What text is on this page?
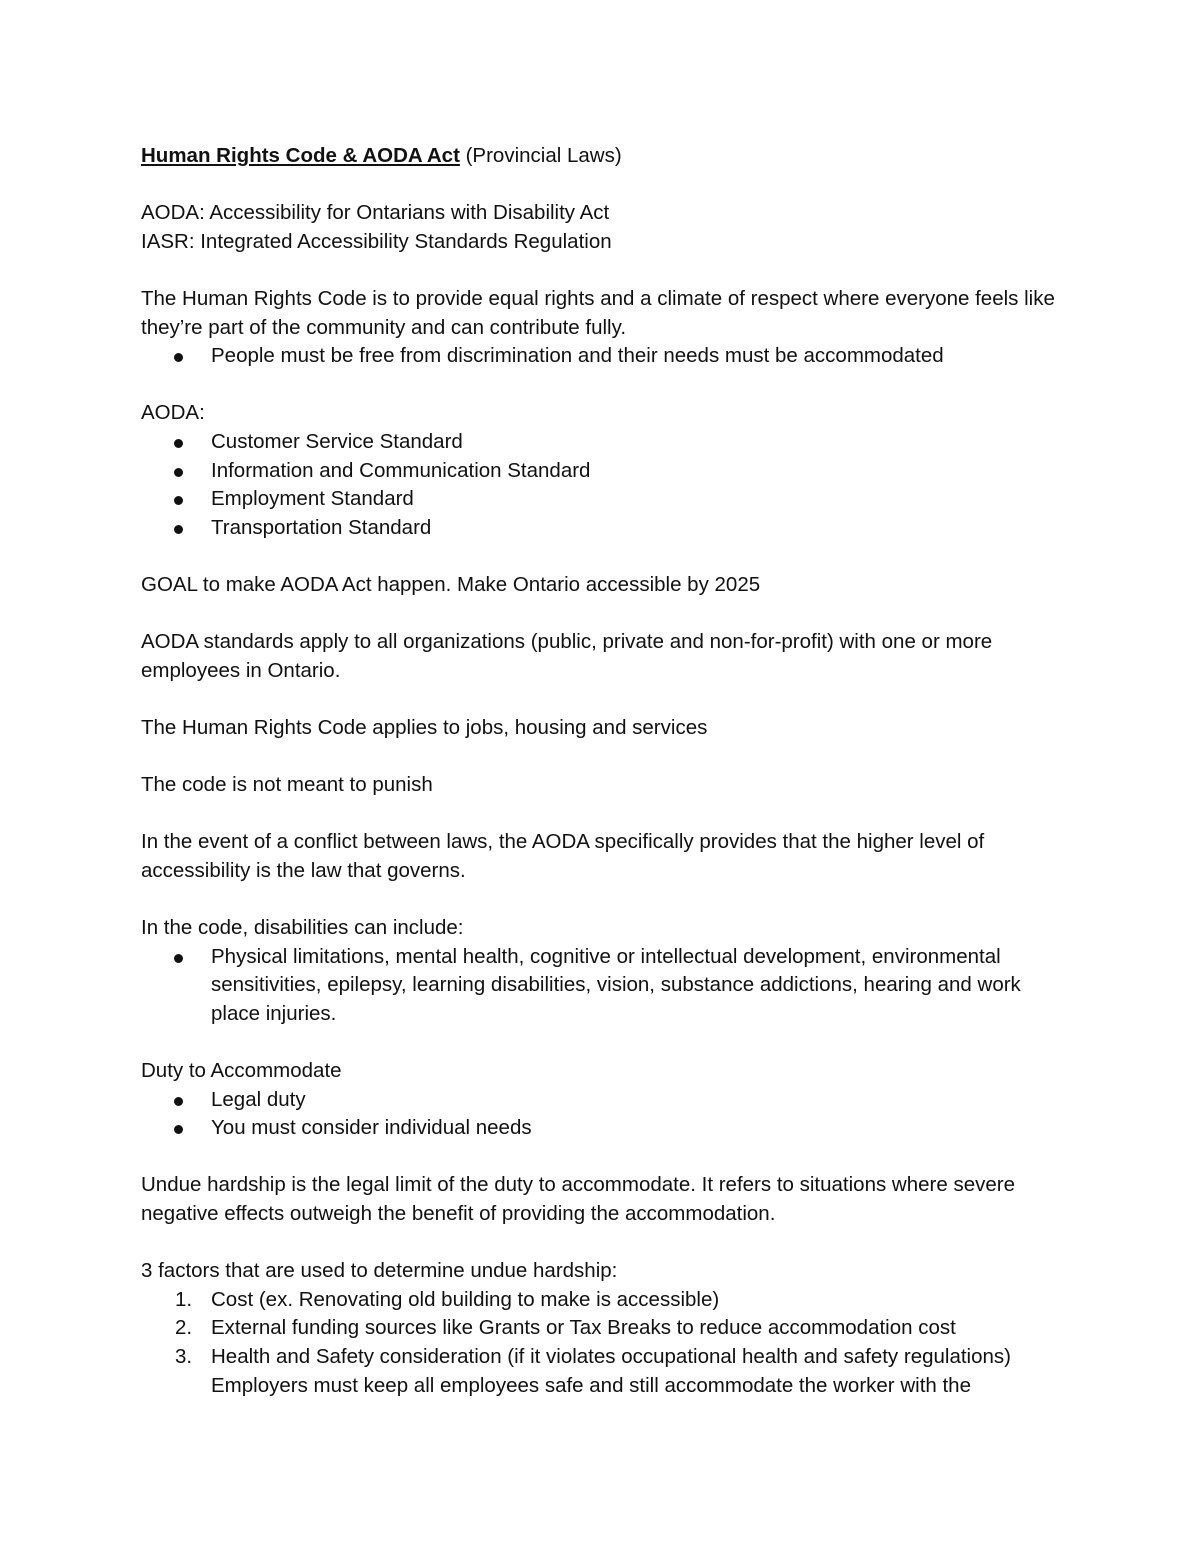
Human Rights Code & AODA Act (Provincial Laws)

AODA: Accessibility for Ontarians with Disability Act

IASR: Integrated Accessibility Standards Regulation

The Human Rights Code is to provide equal rights and a climate of respect where everyone feels like they’re part of the community and can contribute fully.

People must be free from discrimination and their needs must be accommodated

AODA:

Customer Service Standard
Information and Communication Standard
Employment Standard
Transportation Standard

GOAL to make AODA Act happen. Make Ontario accessible by 2025

AODA standards apply to all organizations (public, private and non-for-profit) with one or more employees in Ontario.

The Human Rights Code applies to jobs, housing and services

The code is not meant to punish

In the event of a conflict between laws, the AODA specifically provides that the higher level of accessibility is the law that governs.

In the code, disabilities can include:

Physical limitations, mental health, cognitive or intellectual development, environmental sensitivities, epilepsy, learning disabilities, vision, substance addictions, hearing and work place injuries.

Duty to Accommodate

Legal duty
You must consider individual needs

Undue hardship is the legal limit of the duty to accommodate. It refers to situations where severe negative effects outweigh the benefit of providing the accommodation.

3 factors that are used to determine undue hardship:

1. Cost (ex. Renovating old building to make is accessible)
2. External funding sources like Grants or Tax Breaks to reduce accommodation cost
3. Health and Safety consideration (if it violates occupational health and safety regulations) Employers must keep all employees safe and still accommodate the worker with the
